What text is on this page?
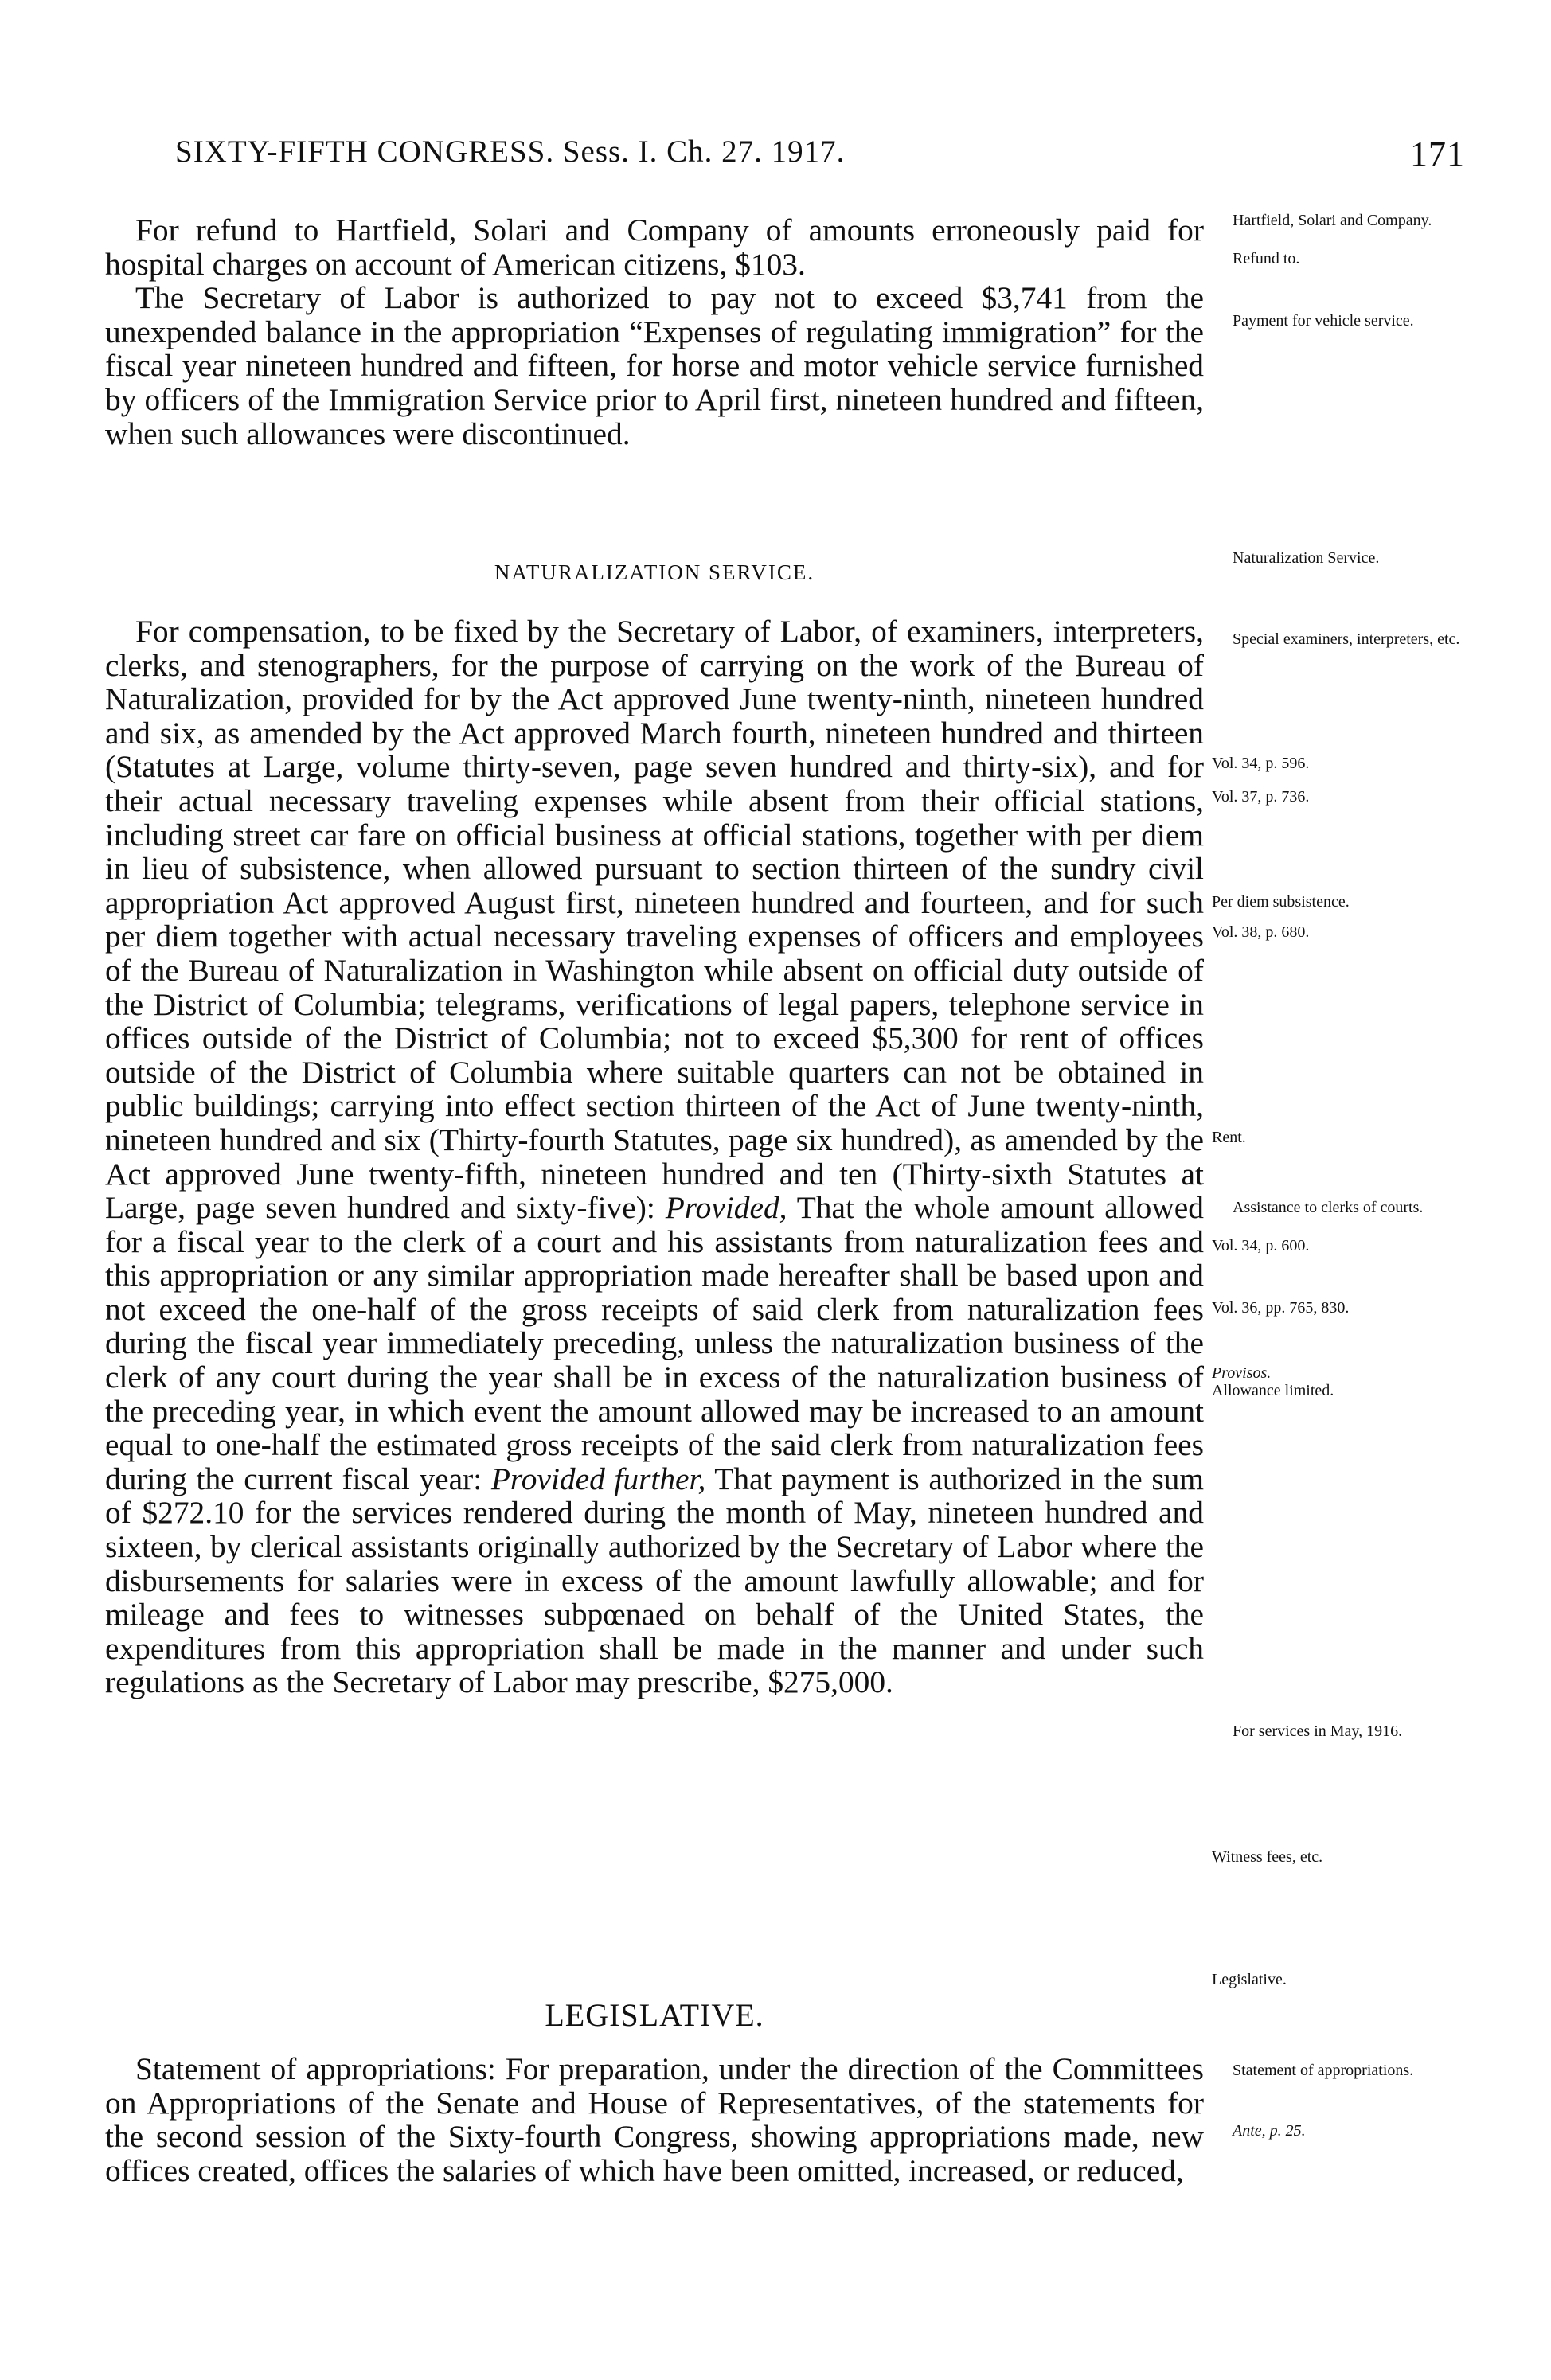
SIXTY-FIFTH CONGRESS. Sess. I. Ch. 27. 1917.	171

For refund to Hartfield, Solari and Company of amounts erroneously paid for hospital charges on account of American citizens, $103.

The Secretary of Labor is authorized to pay not to exceed $3,741 from the unexpended balance in the appropriation “Expenses of regulating immigration” for the fiscal year nineteen hundred and fifteen, for horse and motor vehicle service furnished by officers of the Immigration Service prior to April first, nineteen hundred and fifteen, when such allowances were discontinued.

NATURALIZATION SERVICE.

For compensation, to be fixed by the Secretary of Labor, of examiners, interpreters, clerks, and stenographers, for the purpose of carrying on the work of the Bureau of Naturalization, provided for by the Act approved June twenty-ninth, nineteen hundred and six, as amended by the Act approved March fourth, nineteen hundred and thirteen (Statutes at Large, volume thirty-seven, page seven hundred and thirty-six), and for their actual necessary traveling expenses while absent from their official stations, including street car fare on official business at official stations, together with per diem in lieu of subsistence, when allowed pursuant to section thirteen of the sundry civil appropriation Act approved August first, nineteen hundred and fourteen, and for such per diem together with actual necessary traveling expenses of officers and employees of the Bureau of Naturalization in Washington while absent on official duty outside of the District of Columbia; telegrams, verifications of legal papers, telephone service in offices outside of the District of Columbia; not to exceed $5,300 for rent of offices outside of the District of Columbia where suitable quarters can not be obtained in public buildings; carrying into effect section thirteen of the Act of June twenty-ninth, nineteen hundred and six (Thirty-fourth Statutes, page six hundred), as amended by the Act approved June twenty-fifth, nineteen hundred and ten (Thirty-sixth Statutes at Large, page seven hundred and sixty-five): Provided, That the whole amount allowed for a fiscal year to the clerk of a court and his assistants from naturalization fees and this appropriation or any similar appropriation made hereafter shall be based upon and not exceed the one-half of the gross receipts of said clerk from naturalization fees during the fiscal year immediately preceding, unless the naturalization business of the clerk of any court during the year shall be in excess of the naturalization business of the preceding year, in which event the amount allowed may be increased to an amount equal to one-half the estimated gross receipts of the said clerk from naturalization fees during the current fiscal year: Provided further, That payment is authorized in the sum of $272.10 for the services rendered during the month of May, nineteen hundred and sixteen, by clerical assistants originally authorized by the Secretary of Labor where the disbursements for salaries were in excess of the amount lawfully allowable; and for mileage and fees to witnesses subpœnaed on behalf of the United States, the expenditures from this appropriation shall be made in the manner and under such regulations as the Secretary of Labor may prescribe, $275,000.

LEGISLATIVE.

Statement of appropriations: For preparation, under the direction of the Committees on Appropriations of the Senate and House of Representatives, of the statements for the second session of the Sixty-fourth Congress, showing appropriations made, new offices created, offices the salaries of which have been omitted, increased, or reduced,

Hartfield, Solari and Company.
Refund to.
Payment for vehicle service.
Naturalization Service.
Special examiners, interpreters, etc.
Vol. 34, p. 596.
Vol. 37, p. 736.
Per diem subsistence.
Vol. 38, p. 680.
Rent.
Assistance to clerks of courts.
Vol. 34, p. 600.
Vol. 36, pp. 765, 830.
Provisos.
Allowance limited.
For services in May, 1916.
Witness fees, etc.
Legislative.
Statement of appropriations.
Ante, p. 25.
